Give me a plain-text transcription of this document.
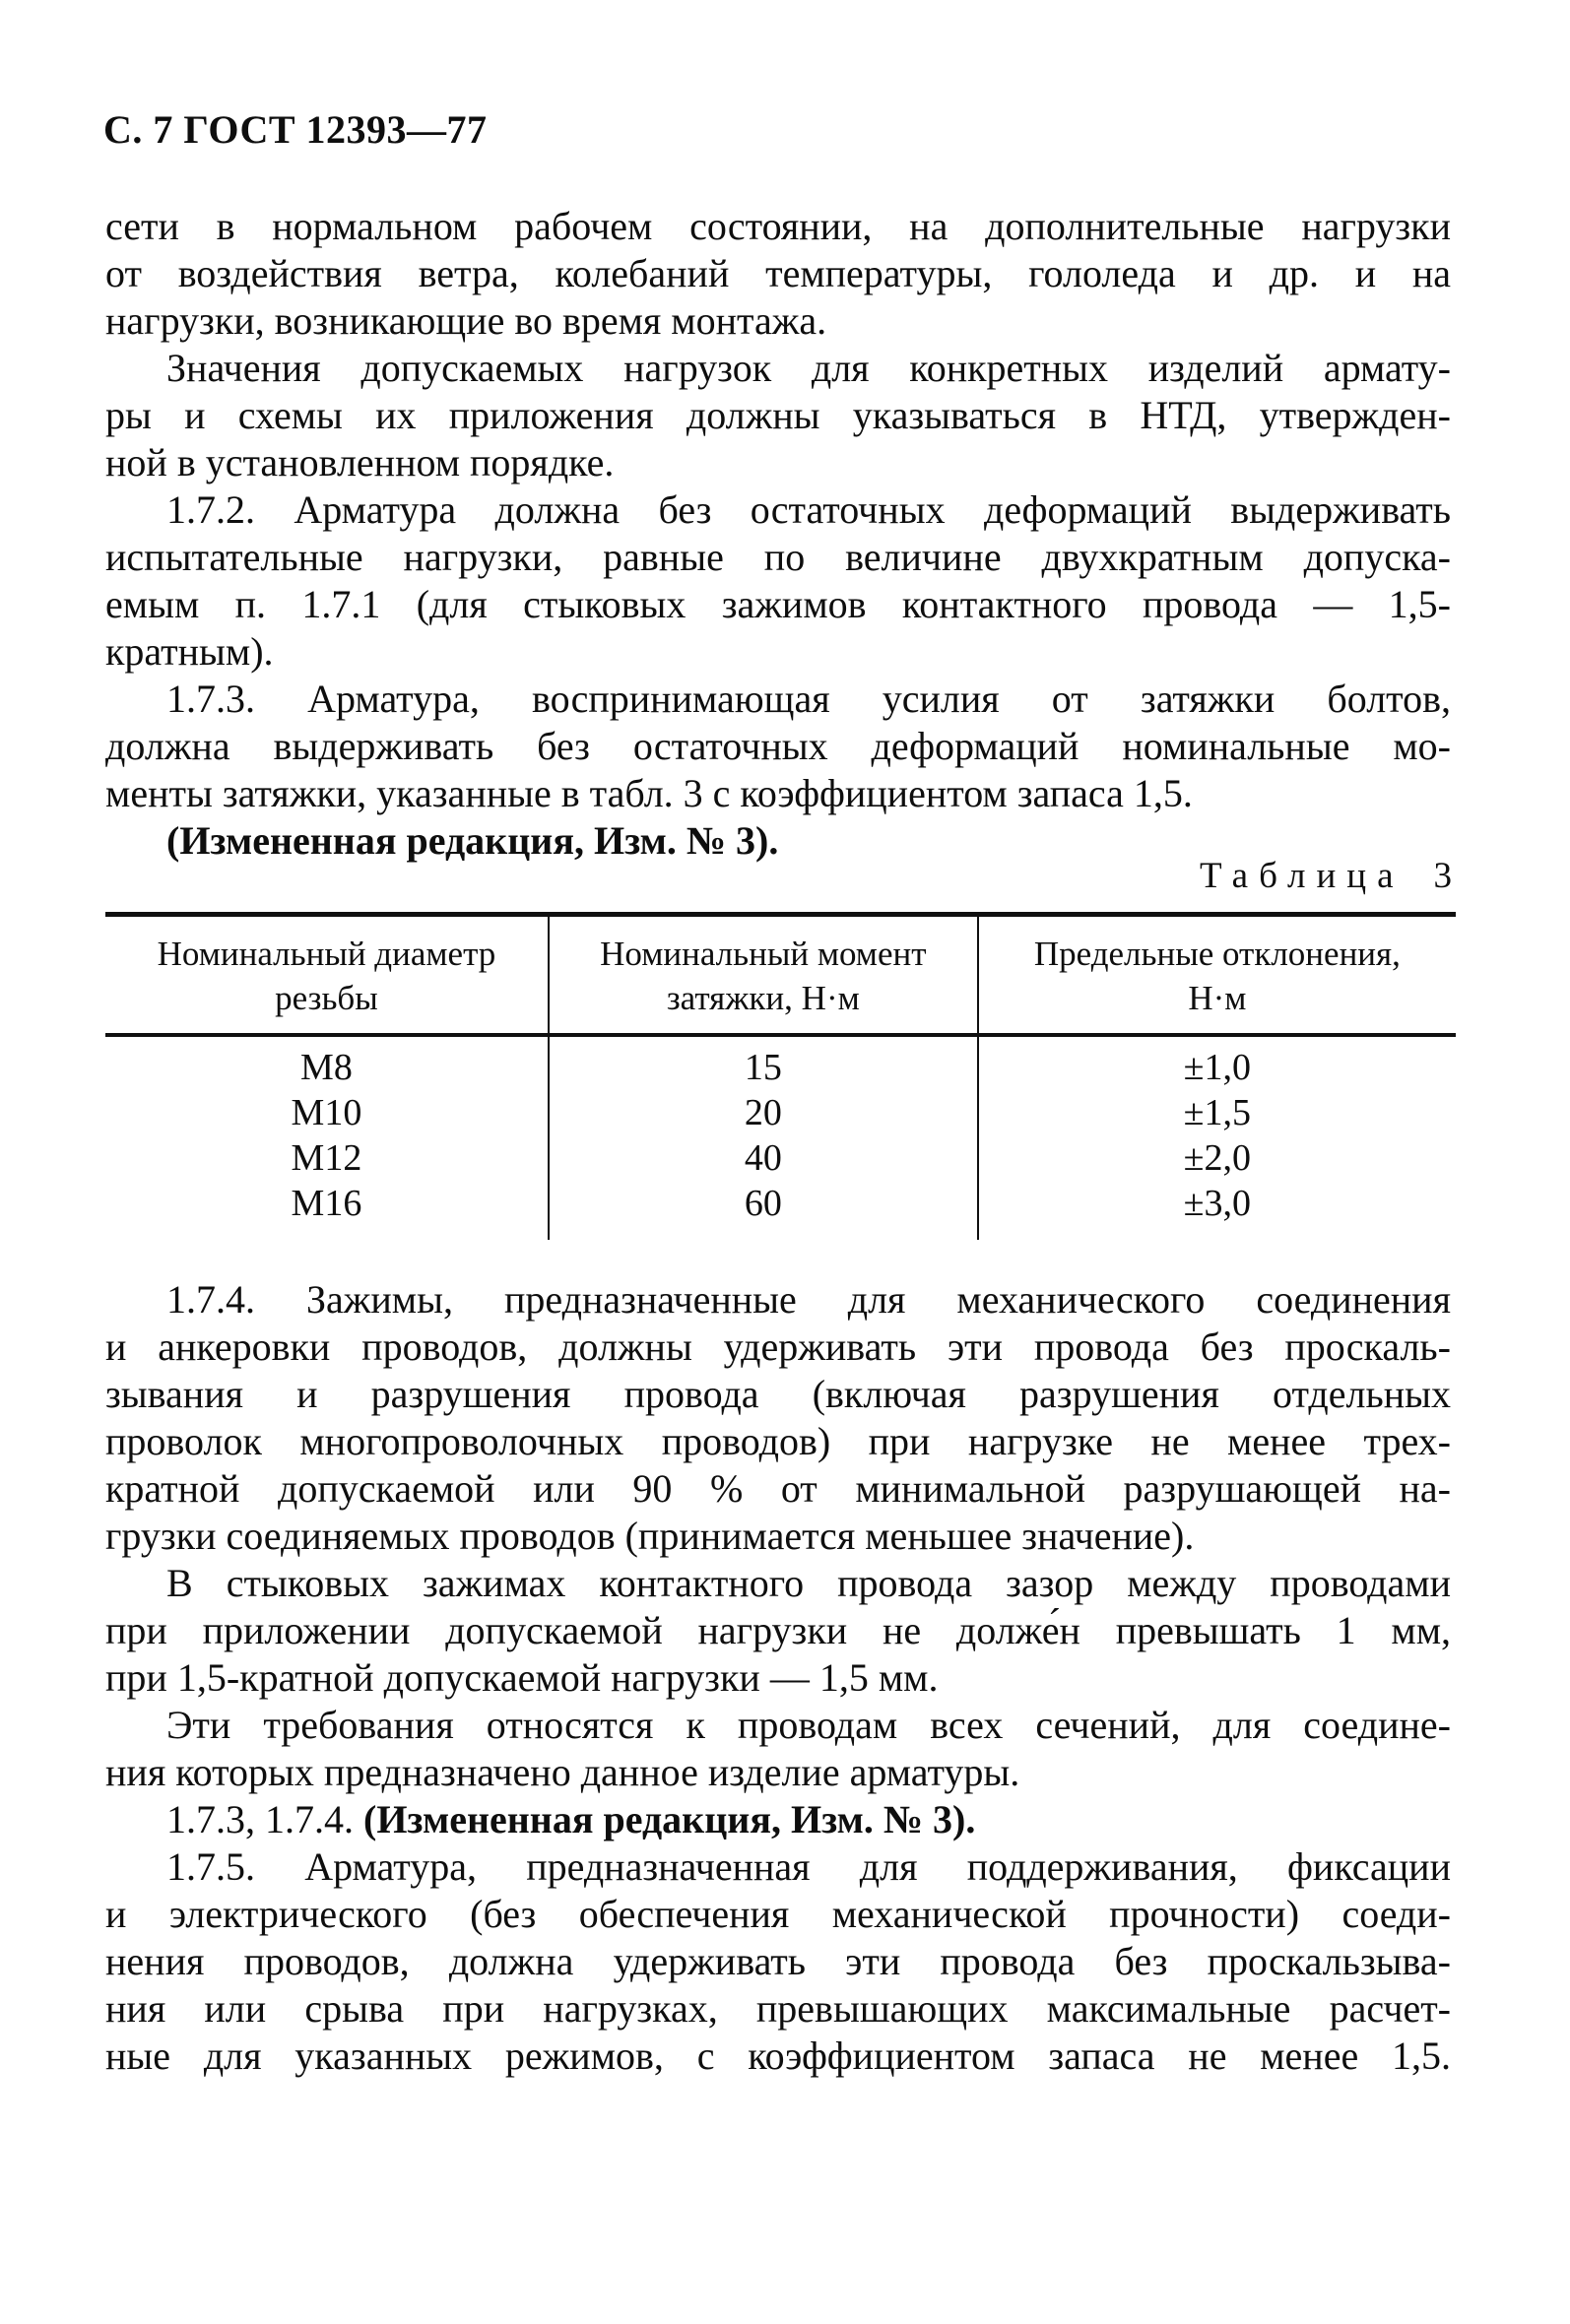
С. 7 ГОСТ 12393—77
сети в нормальном рабочем состоянии, на дополнительные нагрузки
от воздействия ветра, колебаний температуры, гололеда и др. и на
нагрузки, возникающие во время монтажа.
Значения допускаемых нагрузок для конкретных изделий армату-
ры и схемы их приложения должны указываться в НТД, утвержден-
ной в установленном порядке.
1.7.2. Арматура должна без остаточных деформаций выдерживать
испытательные нагрузки, равные по величине двухкратным допуска-
емым п. 1.7.1 (для стыковых зажимов контактного провода — 1,5-
кратным).
1.7.3. Арматура, воспринимающая усилия от затяжки болтов,
должна выдерживать без остаточных деформаций номинальные мо-
менты затяжки, указанные в табл. 3 с коэффициентом запаса 1,5.
(Измененная редакция, Изм. № 3).
Таблица 3
Номинальный диаметр
резьбы

Номинальный момент
затяжки, Н·м

Предельные отклонения,
Н·м

М8	15	±1,0
М10	20	±1,5
М12	40	±2,0
М16	60	±3,0
1.7.4. Зажимы, предназначенные для механического соединения
и анкеровки проводов, должны удерживать эти провода без проскаль-
зывания и разрушения провода (включая разрушения отдельных
проволок многопроволочных проводов) при нагрузке не менее трех-
кратной допускаемой или 90 % от минимальной разрушающей на-
грузки соединяемых проводов (принимается меньшее значение).
В стыковых зажимах контактного провода зазор между проводами
при приложении допускаемой нагрузки не долже́н превышать 1 мм,
при 1,5-кратной допускаемой нагрузки — 1,5 мм.
Эти требования относятся к проводам всех сечений, для соедине-
ния которых предназначено данное изделие арматуры.
1.7.3, 1.7.4. (Измененная редакция, Изм. № 3).
1.7.5. Арматура, предназначенная для поддерживания, фиксации
и электрического (без обеспечения механической прочности) соеди-
нения проводов, должна удерживать эти провода без проскальзыва-
ния или срыва при нагрузках, превышающих максимальные расчет-
ные для указанных режимов, с коэффициентом запаса не менее 1,5.
